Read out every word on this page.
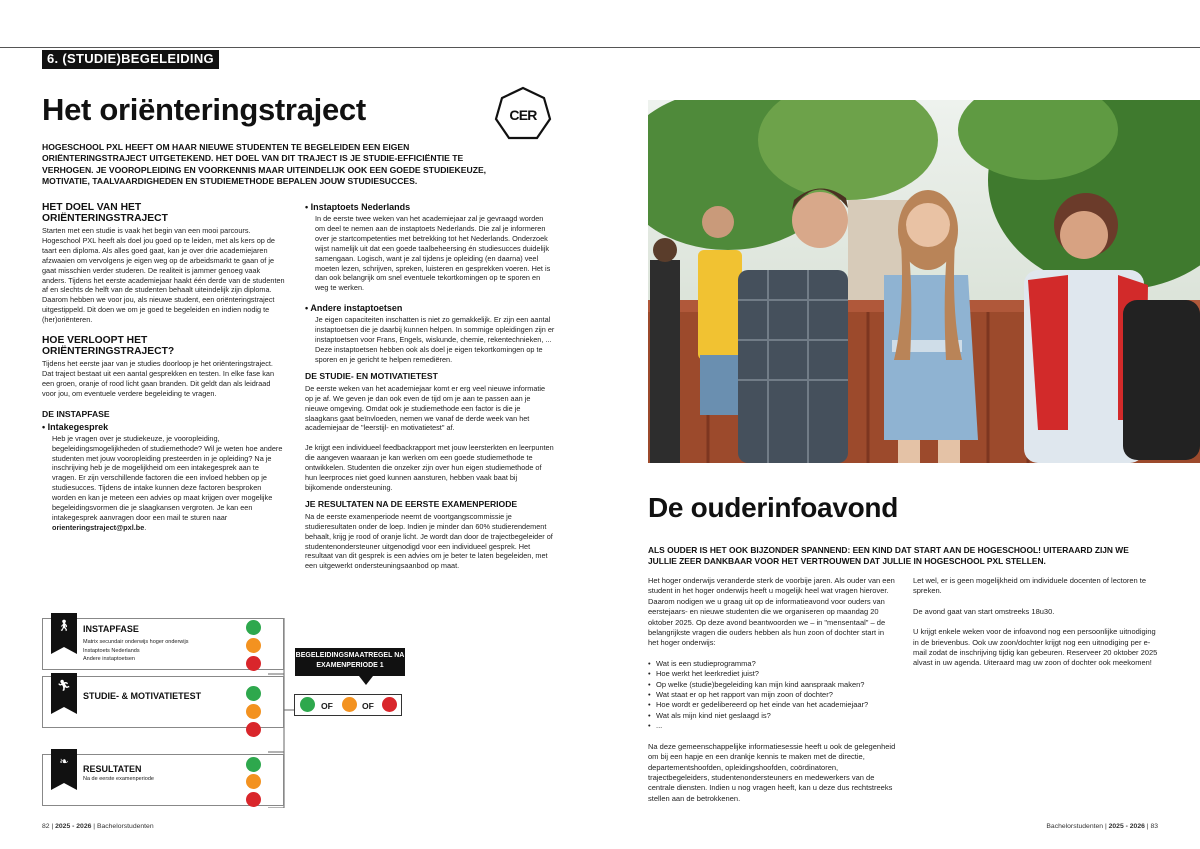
6. (STUDIE)BEGELEIDING
Het oriënteringstraject	CER

HOGESCHOOL PXL HEEFT OM HAAR NIEUWE STUDENTEN TE BEGELEIDEN EEN EIGEN ORIËNTERINGSTRAJECT UITGETEKEND. HET DOEL VAN DIT TRAJECT IS JE STUDIE-EFFICIËNTIE TE VERHOGEN. JE VOOROPLEIDING EN VOORKENNIS MAAR UITEINDELIJK OOK EEN GOEDE STUDIEKEUZE, MOTIVATIE, TAALVAARDIGHEDEN EN STUDIEMETHODE BEPALEN JOUW STUDIESUCCES.

HET DOEL VAN HET ORIËNTERINGSTRAJECT

Starten met een studie is vaak het begin van een mooi parcours. Hogeschool PXL heeft als doel jou goed op te leiden, met als kers op de taart een diploma. Als alles goed gaat, kan je over drie academiejaren afzwaaien om vervolgens je eigen weg op de arbeidsmarkt te gaan of je gaat misschien verder studeren. De realiteit is jammer genoeg vaak anders. Tijdens het eerste academiejaar haakt één derde van de studenten af en slechts de helft van de studenten behaalt uiteindelijk zijn diploma. Daarom hebben we voor jou, als nieuwe student, een oriënteringstraject uitgestippeld. Dit doen we om je goed te begeleiden en indien nodig te (her)oriënteren.

HOE VERLOOPT HET ORIËNTERINGSTRAJECT?

Tijdens het eerste jaar van je studies doorloop je het oriënteringstraject. Dat traject bestaat uit een aantal gesprekken en testen. In elke fase kan een groen, oranje of rood licht gaan branden. Dit geldt dan als leidraad voor jou, om eventuele verdere begeleiding te vragen.

DE INSTAPFASE
• Intakegesprek

Heb je vragen over je studiekeuze, je vooropleiding, begeleidingsmogelijkheden of studiemethode? Wil je weten hoe andere studenten met jouw vooropleiding presteerden in je opleiding? Na je inschrijving heb je de mogelijkheid om een intakegesprek aan te vragen. Er zijn verschillende factoren die een invloed hebben op je studiesucces. Tijdens de intake kunnen deze factoren besproken worden en kan je meteen een advies op maat krijgen over mogelijke begeleidingsvormen die je slaagkansen vergroten. Je kan een intakegesprek aanvragen door een mail te sturen naar orienteringstraject@pxl.be.

• Instaptoets Nederlands

In de eerste twee weken van het academiejaar zal je gevraagd worden om deel te nemen aan de instaptoets Nederlands. Die zal je informeren over je startcompetenties met betrekking tot het Nederlands. Onderzoek wijst namelijk uit dat een goede taalbeheersing én studiesucces duidelijk samengaan. Logisch, want je zal tijdens je opleiding (en daarna) veel moeten lezen, schrijven, spreken, luisteren en gesprekken voeren. Het is dan ook belangrijk om snel eventuele tekortkomingen op te sporen en weg te werken.

• Andere instaptoetsen

Je eigen capaciteiten inschatten is niet zo gemakkelijk. Er zijn een aantal instaptoetsen die je daarbij kunnen helpen. In sommige opleidingen zijn er instaptoetsen voor Frans, Engels, wiskunde, chemie, rekentechnieken, ... Deze instaptoetsen hebben ook als doel je eigen tekortkomingen op te sporen en je gericht te helpen remediëren.

DE STUDIE- EN MOTIVATIETEST

De eerste weken van het academiejaar komt er erg veel nieuwe informatie op je af. We geven je dan ook even de tijd om je aan te passen aan je nieuwe omgeving. Omdat ook je studiemethode een factor is die je slaagkans gaat beïnvloeden, nemen we vanaf de derde week van het academiejaar de "leerstijl- en motivatietest" af.

Je krijgt een individueel feedbackrapport met jouw leersterkten en leerpunten die aangeven waaraan je kan werken om een goede studiemethode te ontwikkelen. Studenten die onzeker zijn over hun eigen studiemethode of hun leerproces niet goed kunnen aansturen, hebben vaak baat bij bijkomende ondersteuning.

JE RESULTATEN NA DE EERSTE EXAMENPERIODE

Na de eerste examenperiode neemt de voortgangscommissie je studieresultaten onder de loep. Indien je minder dan 60% studierendement behaalt, krijg je rood of oranje licht. Je wordt dan door de trajectbegeleider of studentenondersteuner uitgenodigd voor een individueel gesprek. Het resultaat van dit gesprek is een advies om je beter te laten begeleiden, met een uitgewerkt ondersteuningsaanbod op maat.

🚶︎	INSTAPFASE
Matrix secundair onderwijs hoger onderwijs
Instaptoets Nederlands
Andere instaptoetsen
🏃︎
STUDIE- & MOTIVATIETEST
❧
RESULTATEN
Na de eerste examenperiode
BEGELEIDINGSMAATREGEL NA EXAMENPERIODE 1
OF	OF
82 | 2025 - 2026 | Bachelorstudenten
De ouderinfoavond

ALS OUDER IS HET OOK BIJZONDER SPANNEND: EEN KIND DAT START AAN DE HOGESCHOOL! UITERAARD ZIJN WE JULLIE ZEER DANKBAAR VOOR HET VERTROUWEN DAT JULLIE IN HOGESCHOOL PXL STELLEN.

Het hoger onderwijs veranderde sterk de voorbije jaren. Als ouder van een student in het hoger onderwijs heeft u mogelijk heel wat vragen hierover. Daarom nodigen we u graag uit op de informatieavond voor ouders van eerstejaars- en nieuwe studenten die we organiseren op maandag 20 oktober 2025. Op deze avond beantwoorden we – in "mensentaal" – de belangrijkste vragen die ouders hebben als hun zoon of dochter start in het hoger onderwijs:

• Wat is een studieprogramma?
• Hoe werkt het leerkrediet juist?
• Op welke (studie)begeleiding kan mijn kind aanspraak maken?
• Wat staat er op het rapport van mijn zoon of dochter?
• Hoe wordt er gedelibereerd op het einde van het academiejaar?
• Wat als mijn kind niet geslaagd is?
• ...

Na deze gemeenschappelijke informatiesessie heeft u ook de gelegenheid om bij een hapje en een drankje kennis te maken met de directie, departementshoofden, opleidingshoofden, coördinatoren, trajectbegeleiders, studentenondersteuners en medewerkers van de centrale diensten. Indien u nog vragen heeft, kan u deze dus rechtstreeks stellen aan de betrokkenen.

Let wel, er is geen mogelijkheid om individuele docenten of lectoren te spreken.

De avond gaat van start omstreeks 18u30.

U krijgt enkele weken voor de infoavond nog een persoonlijke uitnodiging in de brievenbus. Ook uw zoon/dochter krijgt nog een uitnodiging per e-mail zodat de inschrijving tijdig kan gebeuren. Reserveer 20 oktober 2025 alvast in uw agenda. Uiteraard mag uw zoon of dochter ook meekomen!

Bachelorstudenten | 2025 - 2026 | 83
